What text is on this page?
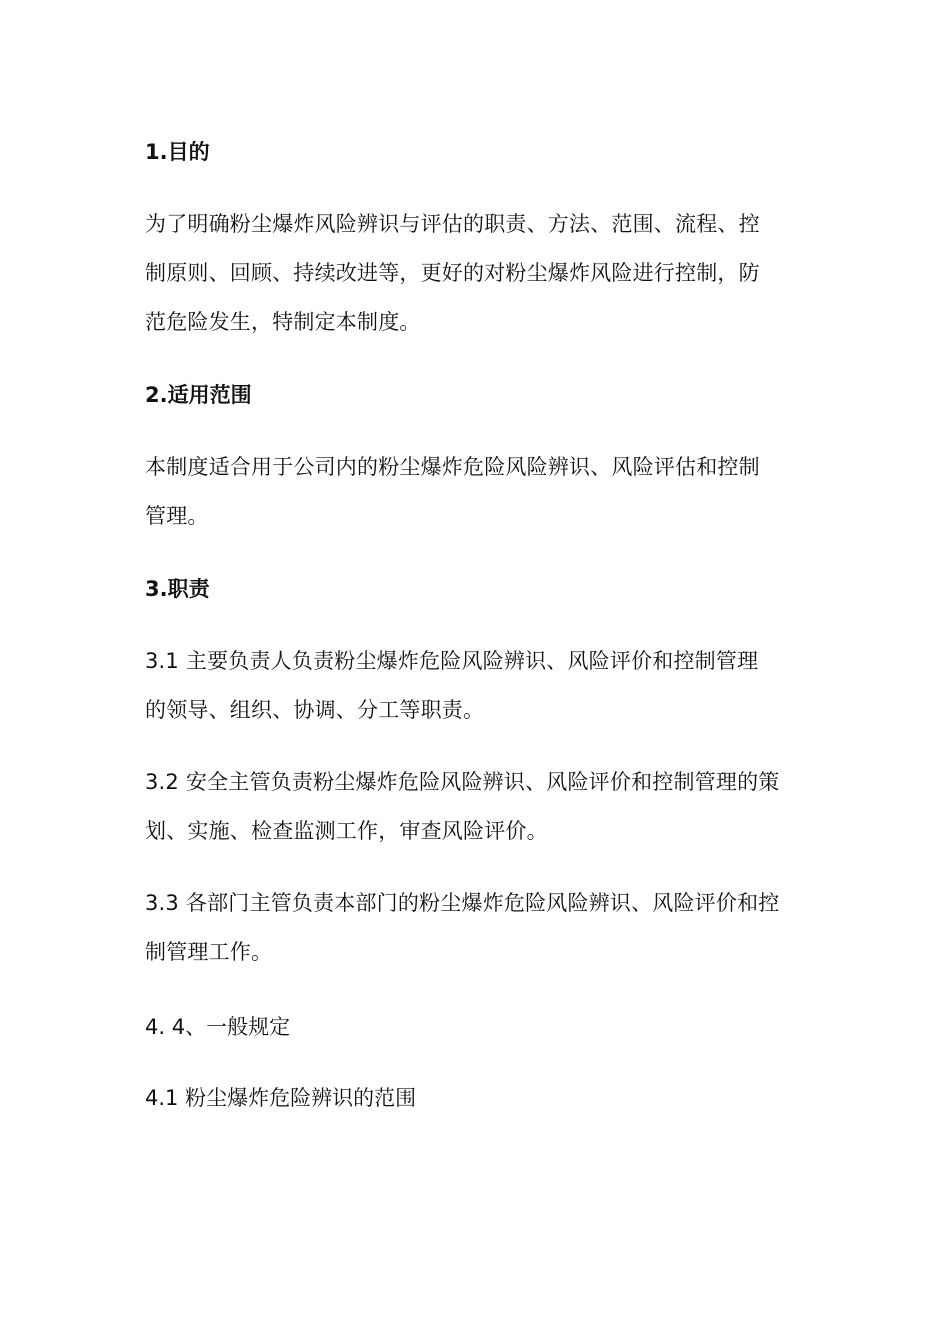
1.目的
为了明确粉尘爆炸风险辨识与评估的职责、方法、范围、流程、控
制原则、回顾、持续改进等，更好的对粉尘爆炸风险进行控制，防
范危险发生，特制定本制度。
2.适用范围
本制度适合用于公司内的粉尘爆炸危险风险辨识、风险评估和控制
管理。
3.职责
3.1 主要负责人负责粉尘爆炸危险风险辨识、风险评价和控制管理
的领导、组织、协调、分工等职责。
3.2 安全主管负责粉尘爆炸危险风险辨识、风险评价和控制管理的策
划、实施、检查监测工作，审查风险评价。
3.3 各部门主管负责本部门的粉尘爆炸危险风险辨识、风险评价和控
制管理工作。
4. 4、一般规定
4.1 粉尘爆炸危险辨识的范围
